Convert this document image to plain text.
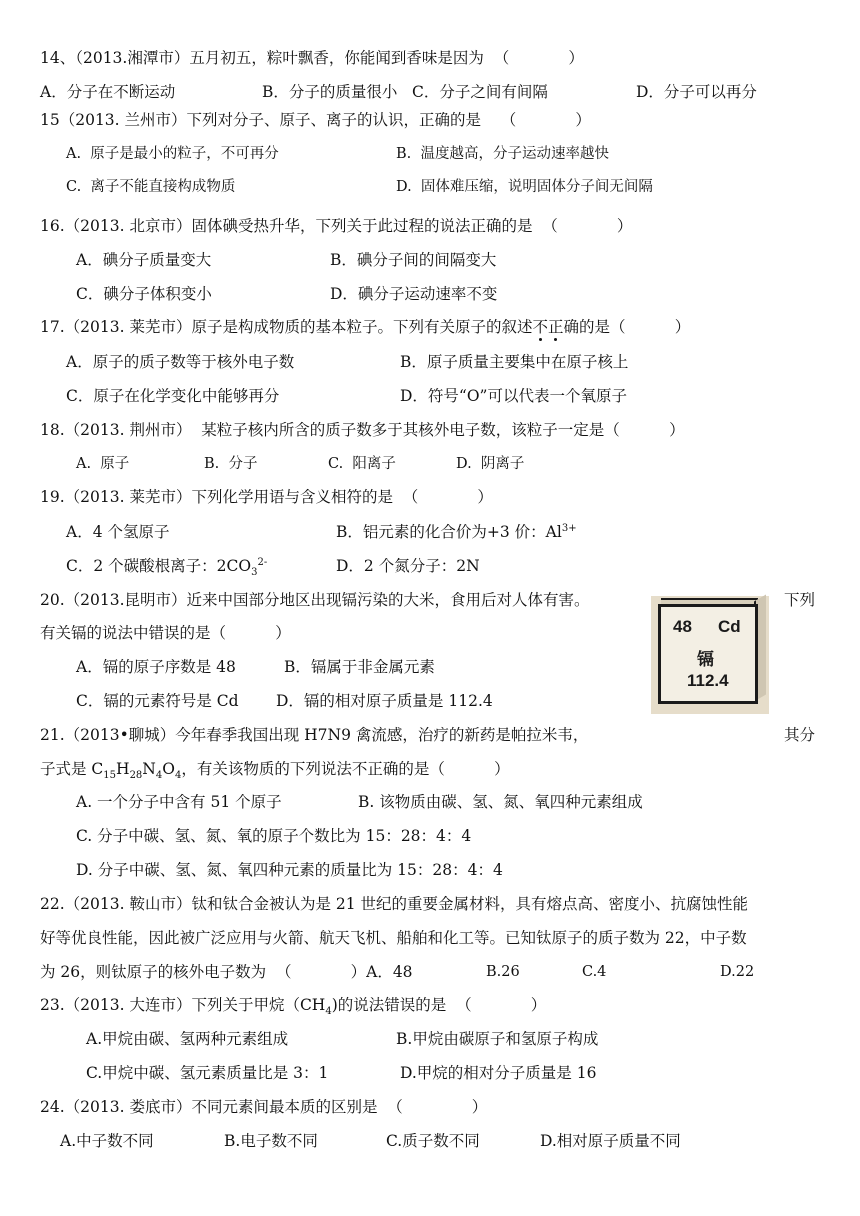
14、（2013.湘潭市）五月初五，粽叶飘香，你能闻到香味是因为  （            ）
A．分子在不断运动	B．分子的质量很小 C．分子之间有间隔	D．分子可以再分
15（2013. 兰州市）下列对分子、原子、离子的认识，正确的是    （            ）
A.  原子是最小的粒子，不可再分	B.  温度越高，分子运动速率越快
C.  离子不能直接构成物质	D.  固体难压缩，说明固体分子间无间隔
16.（2013. 北京市）固体碘受热升华，下列关于此过程的说法正确的是  （            ）
A．碘分子质量变大	B．碘分子间的间隔变大
C．碘分子体积变小	D．碘分子运动速率不变
17.（2013. 莱芜市）原子是构成物质的基本粒子。下列有关原子的叙述不正确的是（          ）
A．原子的质子数等于核外电子数	B．原子质量主要集中在原子核上
C．原子在化学变化中能够再分	D．符号“O”可以代表一个氧原子
18.（2013. 荆州市）  某粒子核内所含的质子数多于其核外电子数，该粒子一定是（          ）
A.  原子	B.  分子	C.  阳离子	D.  阴离子
19.（2013. 莱芜市）下列化学用语与含义相符的是  （            ）
A．4 个氢原子	B．铝元素的化合价为+3 价：$Al^{3+}$
C．2 个碳酸根离子：$2CO_3^{2-}$	D．2 个氮分子：2N
20.（2013.昆明市）近来中国部分地区出现镉污染的大米，食用后对人体有害。	下列
有关镉的说法中错误的是（          ）
A．镉的原子序数是 48	B．镉属于非金属元素
C．镉的元素符号是 Cd D．镉的相对原子质量是 112.4
48 Cd
镉
112.4
21.（2013•聊城）今年春季我国出现 H7N9 禽流感，治疗的新药是帕拉米韦，	其分
子式是 $C_{15}H_{28}N_4O_4$，有关该物质的下列说法不正确的是（          ）
A. 一个分子中含有 51 个原子	B. 该物质由碳、氢、氮、氧四种元素组成
C. 分子中碳、氢、氮、氧的原子个数比为 15：28：4：4
D. 分子中碳、氢、氮、氧四种元素的质量比为 15：28：4：4
22.（2013. 鞍山市）钛和钛合金被认为是 21 世纪的重要金属材料，具有熔点高、密度小、抗腐蚀性能
好等优良性能，因此被广泛应用与火箭、航天飞机、船舶和化工等。已知钛原子的质子数为 22，中子数
为 26，则钛原子的核外电子数为  （            ）A．48	B.26	C.4	D.22
23.（2013. 大连市）下列关于甲烷$(CH_4)$的说法错误的是  （            ）
A.甲烷由碳、氢两种元素组成	B.甲烷由碳原子和氢原子构成
C.甲烷中碳、氢元素质量比是 3：1	D.甲烷的相对分子质量是 16
24.（2013. 娄底市）不同元素间最本质的区别是  （              ）
A.中子数不同	B.电子数不同	C.质子数不同	D.相对原子质量不同
